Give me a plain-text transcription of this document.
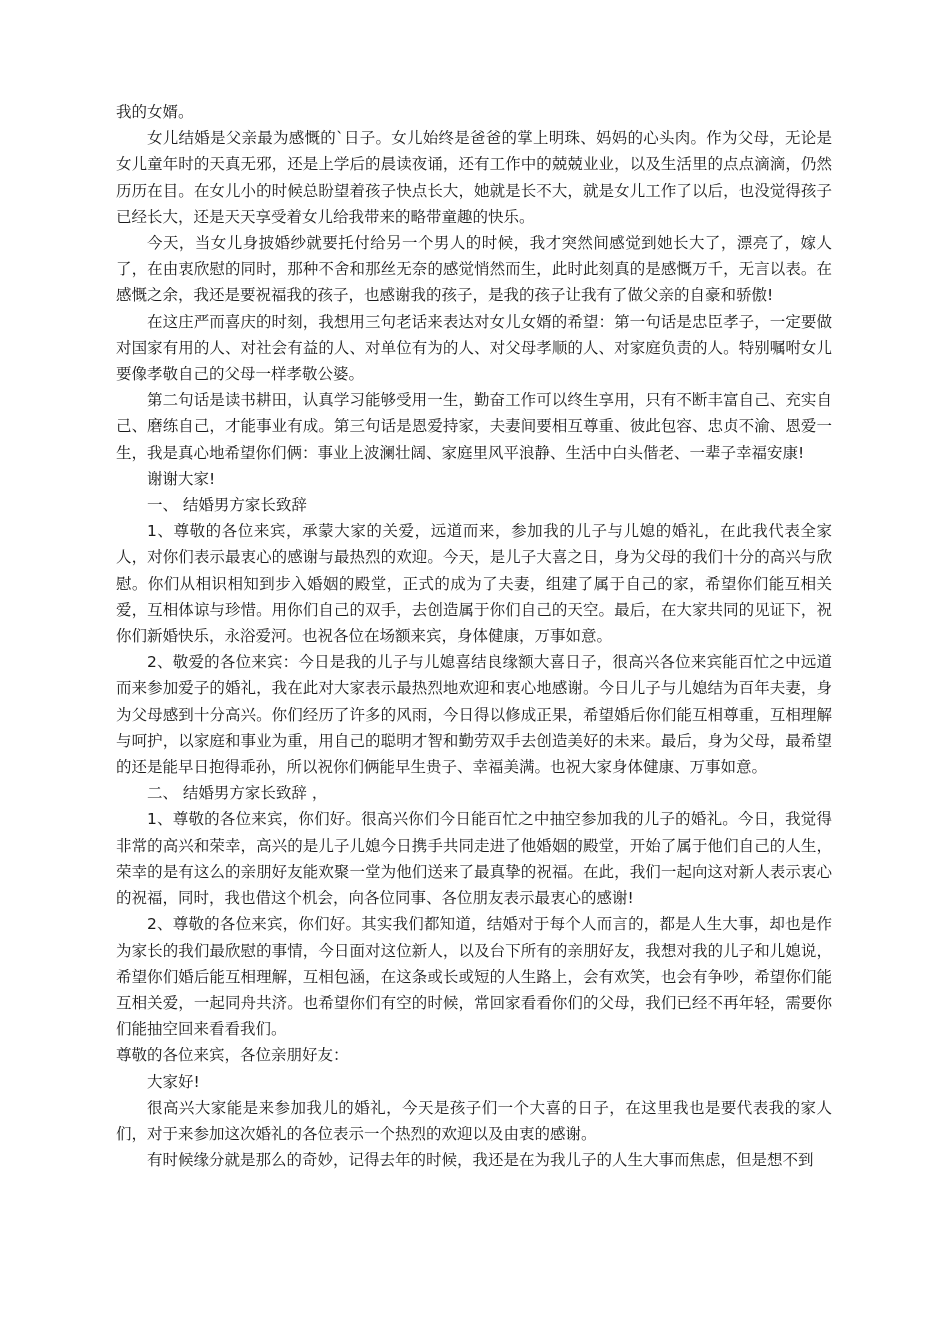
我的女婿。

女儿结婚是父亲最为感慨的`日子。女儿始终是爸爸的掌上明珠、妈妈的心头肉。作为父母，无论是女儿童年时的天真无邪，还是上学后的晨读夜诵，还有工作中的兢兢业业，以及生活里的点点滴滴，仍然历历在目。在女儿小的时候总盼望着孩子快点长大，她就是长不大，就是女儿工作了以后，也没觉得孩子已经长大，还是天天享受着女儿给我带来的略带童趣的快乐。

今天，当女儿身披婚纱就要托付给另一个男人的时候，我才突然间感觉到她长大了，漂亮了，嫁人了，在由衷欣慰的同时，那种不舍和那丝无奈的感觉悄然而生，此时此刻真的是感慨万千，无言以表。在感慨之余，我还是要祝福我的孩子，也感谢我的孩子，是我的孩子让我有了做父亲的自豪和骄傲!

在这庄严而喜庆的时刻，我想用三句老话来表达对女儿女婿的希望：第一句话是忠臣孝子，一定要做对国家有用的人、对社会有益的人、对单位有为的人、对父母孝顺的人、对家庭负责的人。特别嘱咐女儿要像孝敬自己的父母一样孝敬公婆。

第二句话是读书耕田，认真学习能够受用一生，勤奋工作可以终生享用，只有不断丰富自己、充实自己、磨练自己，才能事业有成。第三句话是恩爱持家，夫妻间要相互尊重、彼此包容、忠贞不渝、恩爱一生，我是真心地希望你们俩：事业上波澜壮阔、家庭里风平浪静、生活中白头偕老、一辈子幸福安康!

谢谢大家!

一、 结婚男方家长致辞

1、尊敬的各位来宾，承蒙大家的关爱，远道而来，参加我的儿子与儿媳的婚礼，在此我代表全家人，对你们表示最衷心的感谢与最热烈的欢迎。今天，是儿子大喜之日，身为父母的我们十分的高兴与欣慰。你们从相识相知到步入婚姻的殿堂，正式的成为了夫妻，组建了属于自己的家，希望你们能互相关爱，互相体谅与珍惜。用你们自己的双手，去创造属于你们自己的天空。最后，在大家共同的见证下，祝你们新婚快乐，永浴爱河。也祝各位在场额来宾，身体健康，万事如意。

2、敬爱的各位来宾：今日是我的儿子与儿媳喜结良缘额大喜日子，很高兴各位来宾能百忙之中远道而来参加爱子的婚礼，我在此对大家表示最热烈地欢迎和衷心地感谢。今日儿子与儿媳结为百年夫妻，身为父母感到十分高兴。你们经历了许多的风雨，今日得以修成正果，希望婚后你们能互相尊重，互相理解与呵护，以家庭和事业为重，用自己的聪明才智和勤劳双手去创造美好的未来。最后，身为父母，最希望的还是能早日抱得乖孙，所以祝你们俩能早生贵子、幸福美满。也祝大家身体健康、万事如意。

二、 结婚男方家长致辞 ，

1、尊敬的各位来宾，你们好。很高兴你们今日能百忙之中抽空参加我的儿子的婚礼。今日，我觉得非常的高兴和荣幸，高兴的是儿子儿媳今日携手共同走进了他婚姻的殿堂，开始了属于他们自己的人生，荣幸的是有这么的亲朋好友能欢聚一堂为他们送来了最真挚的祝福。在此，我们一起向这对新人表示衷心的祝福，同时，我也借这个机会，向各位同事、各位朋友表示最衷心的感谢!

2、尊敬的各位来宾，你们好。其实我们都知道，结婚对于每个人而言的，都是人生大事，却也是作为家长的我们最欣慰的事情，今日面对这位新人，以及台下所有的亲朋好友，我想对我的儿子和儿媳说，希望你们婚后能互相理解，互相包涵，在这条或长或短的人生路上，会有欢笑，也会有争吵，希望你们能互相关爱，一起同舟共济。也希望你们有空的时候，常回家看看你们的父母，我们已经不再年轻，需要你们能抽空回来看看我们。

尊敬的各位来宾，各位亲朋好友：

大家好!

很高兴大家能是来参加我儿的婚礼，今天是孩子们一个大喜的日子，在这里我也是要代表我的家人们，对于来参加这次婚礼的各位表示一个热烈的欢迎以及由衷的感谢。

有时候缘分就是那么的奇妙，记得去年的时候，我还是在为我儿子的人生大事而焦虑，但是想不到
